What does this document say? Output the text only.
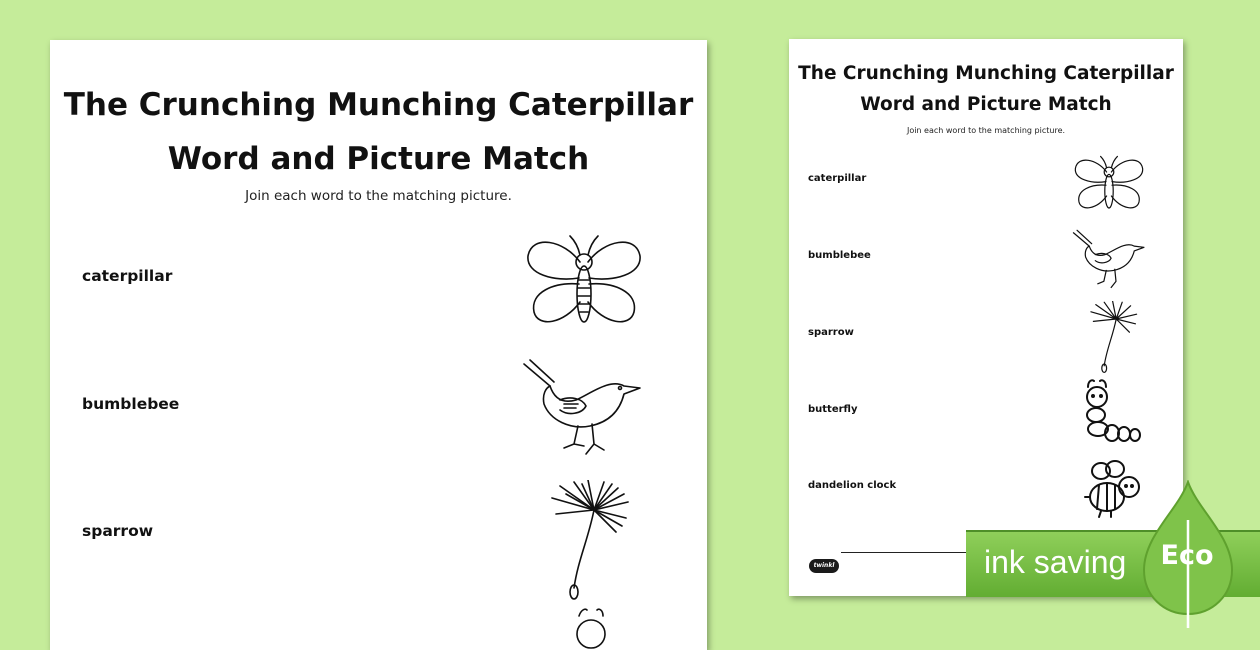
The Crunching Munching Caterpillar
Word and Picture Match
Join each word to the matching picture.
caterpillar
bumblebee
sparrow
The Crunching Munching Caterpillar
Word and Picture Match
Join each word to the matching picture.
caterpillar
bumblebee
sparrow
butterfly
dandelion clock
twinkl	ink saving Eco
